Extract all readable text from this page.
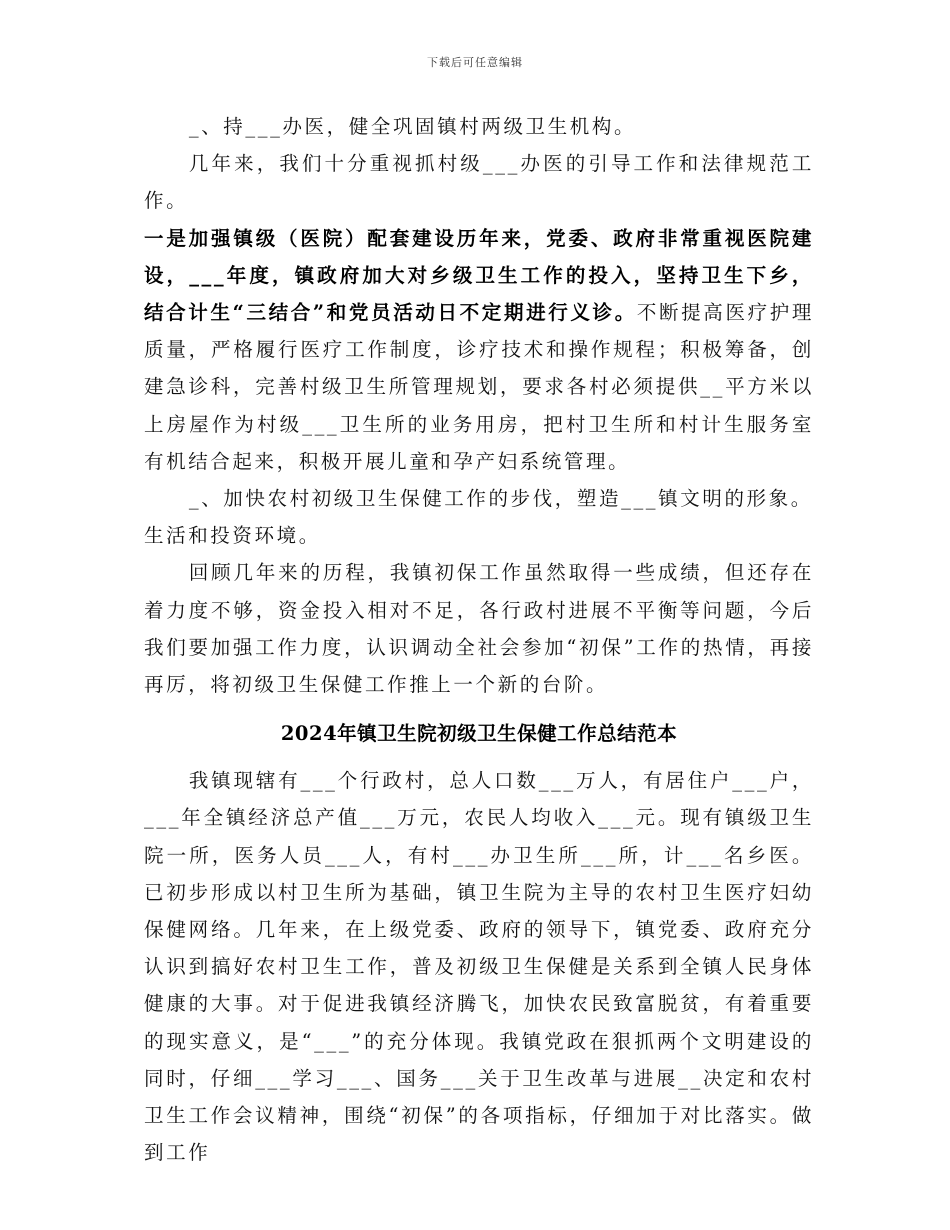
下载后可任意编辑

_、持___办医，健全巩固镇村两级卫生机构。

几年来，我们十分重视抓村级___办医的引导工作和法律规范工作。

一是加强镇级（医院）配套建设历年来，党委、政府非常重视医院建设，___年度，镇政府加大对乡级卫生工作的投入，坚持卫生下乡，结合计生“三结合”和党员活动日不定期进行义诊。不断提高医疗护理质量，严格履行医疗工作制度，诊疗技术和操作规程；积极筹备，创建急诊科，完善村级卫生所管理规划，要求各村必须提供__平方米以上房屋作为村级___卫生所的业务用房，把村卫生所和村计生服务室有机结合起来，积极开展儿童和孕产妇系统管理。

_、加快农村初级卫生保健工作的步伐，塑造___镇文明的形象。

生活和投资环境。

回顾几年来的历程，我镇初保工作虽然取得一些成绩，但还存在着力度不够，资金投入相对不足，各行政村进展不平衡等问题，今后我们要加强工作力度，认识调动全社会参加“初保”工作的热情，再接再厉，将初级卫生保健工作推上一个新的台阶。

2024年镇卫生院初级卫生保健工作总结范本

我镇现辖有___个行政村，总人口数___万人，有居住户___户，___年全镇经济总产值___万元，农民人均收入___元。现有镇级卫生院一所，医务人员___人，有村___办卫生所___所，计___名乡医。已初步形成以村卫生所为基础，镇卫生院为主导的农村卫生医疗妇幼保健网络。几年来，在上级党委、政府的领导下，镇党委、政府充分认识到搞好农村卫生工作，普及初级卫生保健是关系到全镇人民身体健康的大事。对于促进我镇经济腾飞，加快农民致富脱贫，有着重要的现实意义，是“___”的充分体现。我镇党政在狠抓两个文明建设的同时，仔细___学习___、国务___关于卫生改革与进展__决定和农村卫生工作会议精神，围绕“初保”的各项指标，仔细加于对比落实。做到工作
